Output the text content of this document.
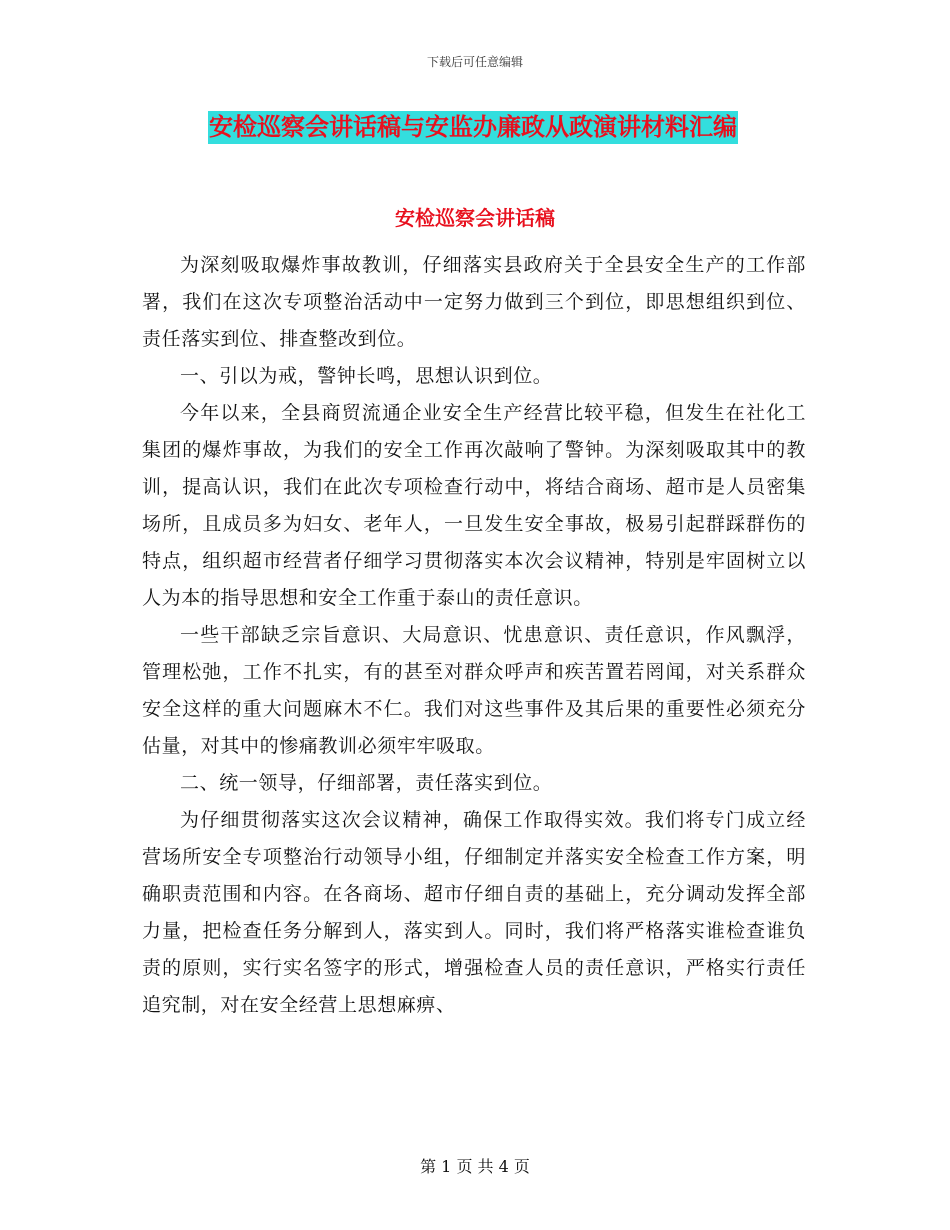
下载后可任意编辑
安检巡察会讲话稿与安监办廉政从政演讲材料汇编
安检巡察会讲话稿

为深刻吸取爆炸事故教训，仔细落实县政府关于全县安全生产的工作部署，我们在这次专项整治活动中一定努力做到三个到位，即思想组织到位、责任落实到位、排查整改到位。

一、引以为戒，警钟长鸣，思想认识到位。

今年以来，全县商贸流通企业安全生产经营比较平稳，但发生在社化工集团的爆炸事故，为我们的安全工作再次敲响了警钟。为深刻吸取其中的教训，提高认识，我们在此次专项检查行动中，将结合商场、超市是人员密集场所，且成员多为妇女、老年人，一旦发生安全事故，极易引起群踩群伤的特点，组织超市经营者仔细学习贯彻落实本次会议精神，特别是牢固树立以人为本的指导思想和安全工作重于泰山的责任意识。

一些干部缺乏宗旨意识、大局意识、忧患意识、责任意识，作风飘浮，管理松弛，工作不扎实，有的甚至对群众呼声和疾苦置若罔闻，对关系群众安全这样的重大问题麻木不仁。我们对这些事件及其后果的重要性必须充分估量，对其中的惨痛教训必须牢牢吸取。

二、统一领导，仔细部署，责任落实到位。

为仔细贯彻落实这次会议精神，确保工作取得实效。我们将专门成立经营场所安全专项整治行动领导小组，仔细制定并落实安全检查工作方案，明确职责范围和内容。在各商场、超市仔细自责的基础上，充分调动发挥全部力量，把检查任务分解到人，落实到人。同时，我们将严格落实谁检查谁负责的原则，实行实名签字的形式，增强检查人员的责任意识，严格实行责任追究制，对在安全经营上思想麻痹、

第 1 页 共 4 页
